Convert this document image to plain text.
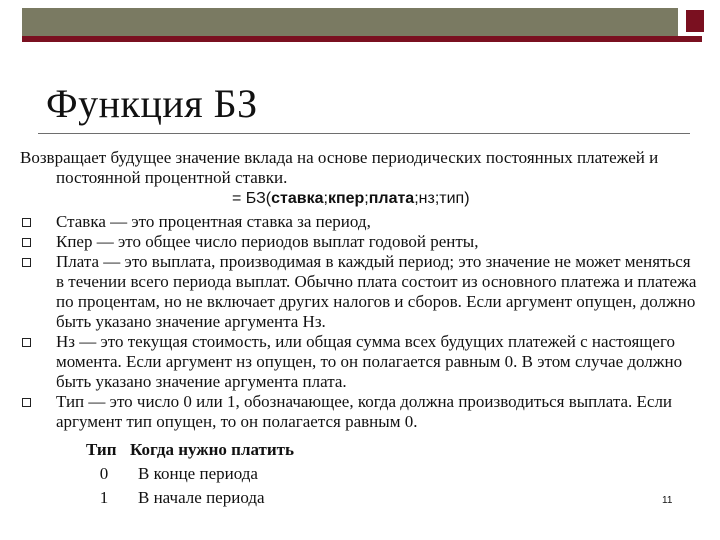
Функция БЗ

Возвращает будущее значение вклада на основе периодических постоянных платежей и

постоянной процентной ставки.

= БЗ(ставка;кпер;плата;нз;тип)

Ставка — это процентная ставка за период,
Кпер — это общее число периодов выплат годовой ренты,
Плата — это выплата, производимая в каждый период; это значение не может меняться в течении всего периода выплат. Обычно плата состоит из основного платежа и платежа по процентам, но не включает других налогов и сборов. Если аргумент опущен, должно быть указано значение аргумента Нз.
Нз — это текущая стоимость, или общая сумма всех будущих платежей с настоящего момента. Если аргумент нз опущен, то он полагается равным 0. В этом случае должно быть указано значение аргумента плата.
Тип — это число 0 или 1, обозначающее, когда должна производиться выплата. Если аргумент тип опущен, то он полагается равным 0.
Тип	Когда нужно платить
0	В конце периода
1	В начале периода	11
